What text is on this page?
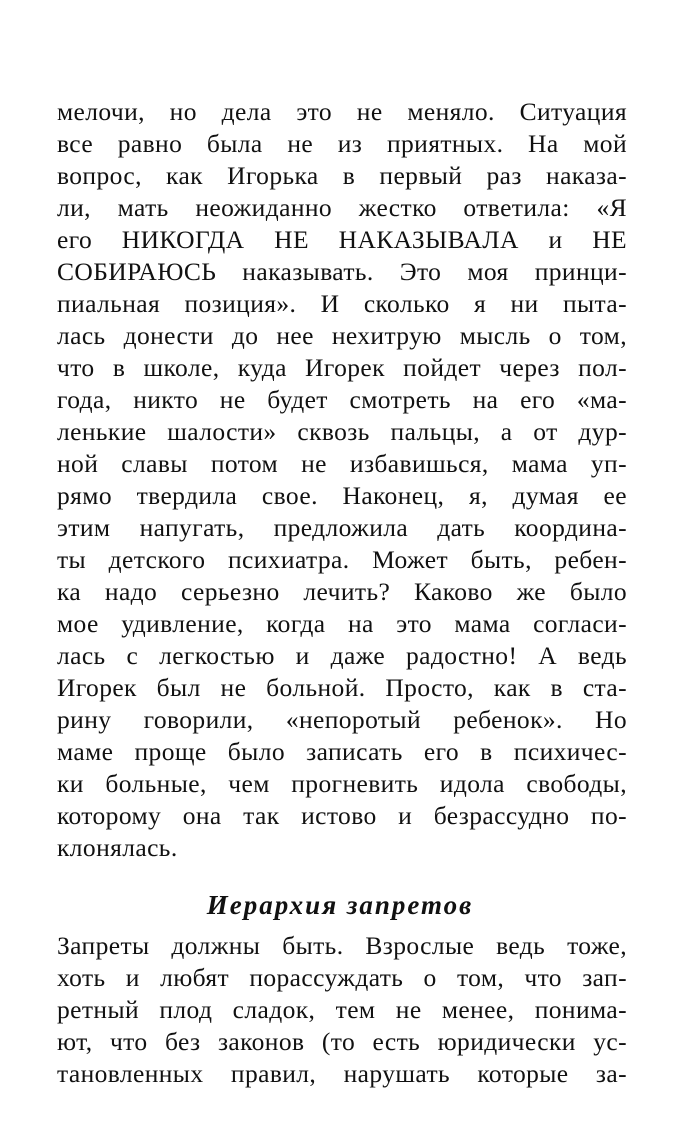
мелочи, но дела это не меняло. Ситуация
все равно была не из приятных. На мой
вопрос, как Игорька в первый раз наказа-
ли, мать неожиданно жестко ответила: «Я
его НИКОГДА НЕ НАКАЗЫВАЛА и НЕ
СОБИРАЮСЬ наказывать. Это моя принци-
пиальная позиция». И сколько я ни пыта-
лась донести до нее нехитрую мысль о том,
что в школе, куда Игорек пойдет через пол-
года, никто не будет смотреть на его «ма-
ленькие шалости» сквозь пальцы, а от дур-
ной славы потом не избавишься, мама уп-
рямо твердила свое. Наконец, я, думая ее
этим напугать, предложила дать координа-
ты детского психиатра. Может быть, ребен-
ка надо серьезно лечить? Каково же было
мое удивление, когда на это мама согласи-
лась с легкостью и даже радостно! А ведь
Игорек был не больной. Просто, как в ста-
рину говорили, «непоротый ребенок». Но
маме проще было записать его в психичес-
ки больные, чем прогневить идола свободы,
которому она так истово и безрассудно по-
клонялась.
Иерархия запретов
Запреты должны быть. Взрослые ведь тоже,
хоть и любят порассуждать о том, что зап-
ретный плод сладок, тем не менее, понима-
ют, что без законов (то есть юридически ус-
тановленных правил, нарушать которые за-
